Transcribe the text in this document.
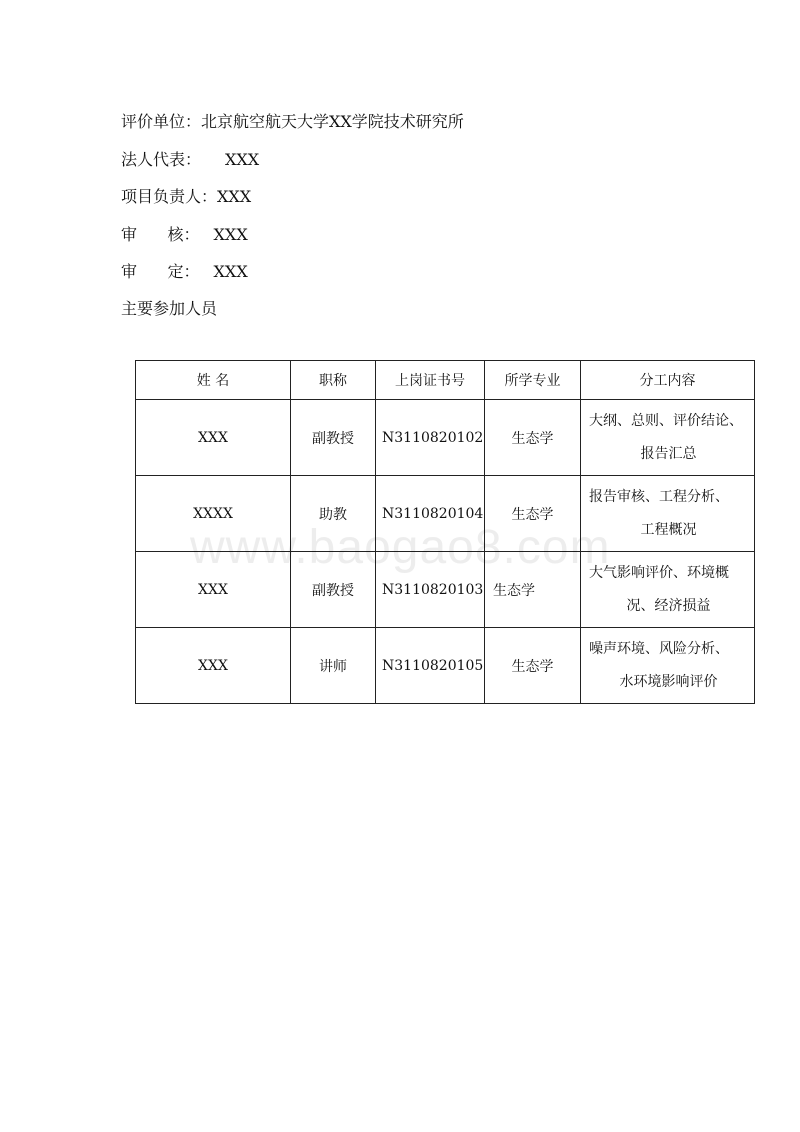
评价单位：北京航空航天大学XX学院技术研究所
法人代表： XXX
项目负责人：XXX
审      核： XXX
审      定： XXX
主要参加人员
姓 名	职称	上岗证书号	所学专业	分工内容
XXX	副教授	N3110820102	生态学	大纲、总则、评价结论、
报告汇总

XXXX	助教	N3110820104	生态学	报告审核、工程分析、
工程概况

XXX	副教授	N3110820103	生态学	大气影响评价、环境概
况、经济损益

XXX	讲师	N3110820105	生态学	噪声环境、风险分析、
水环境影响评价
www.baogao8.com
